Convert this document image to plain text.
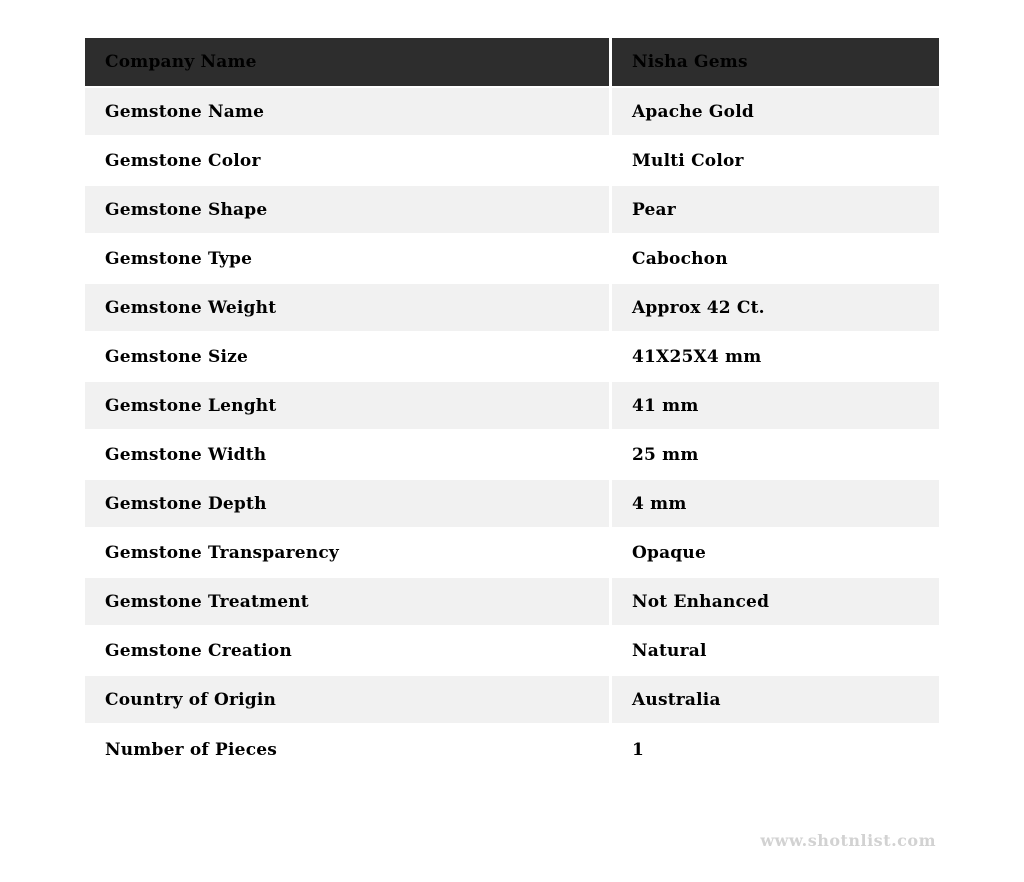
Company Name	Nisha Gems
Gemstone Name	Apache Gold
Gemstone Color	Multi Color
Gemstone Shape	Pear
Gemstone Type	Cabochon
Gemstone Weight	Approx 42 Ct.
Gemstone Size	41X25X4 mm
Gemstone Lenght	41 mm
Gemstone Width	25 mm
Gemstone Depth	4 mm
Gemstone Transparency	Opaque
Gemstone Treatment	Not Enhanced
Gemstone Creation	Natural
Country of Origin	Australia
Number of Pieces	1
www.shotnlist.com
